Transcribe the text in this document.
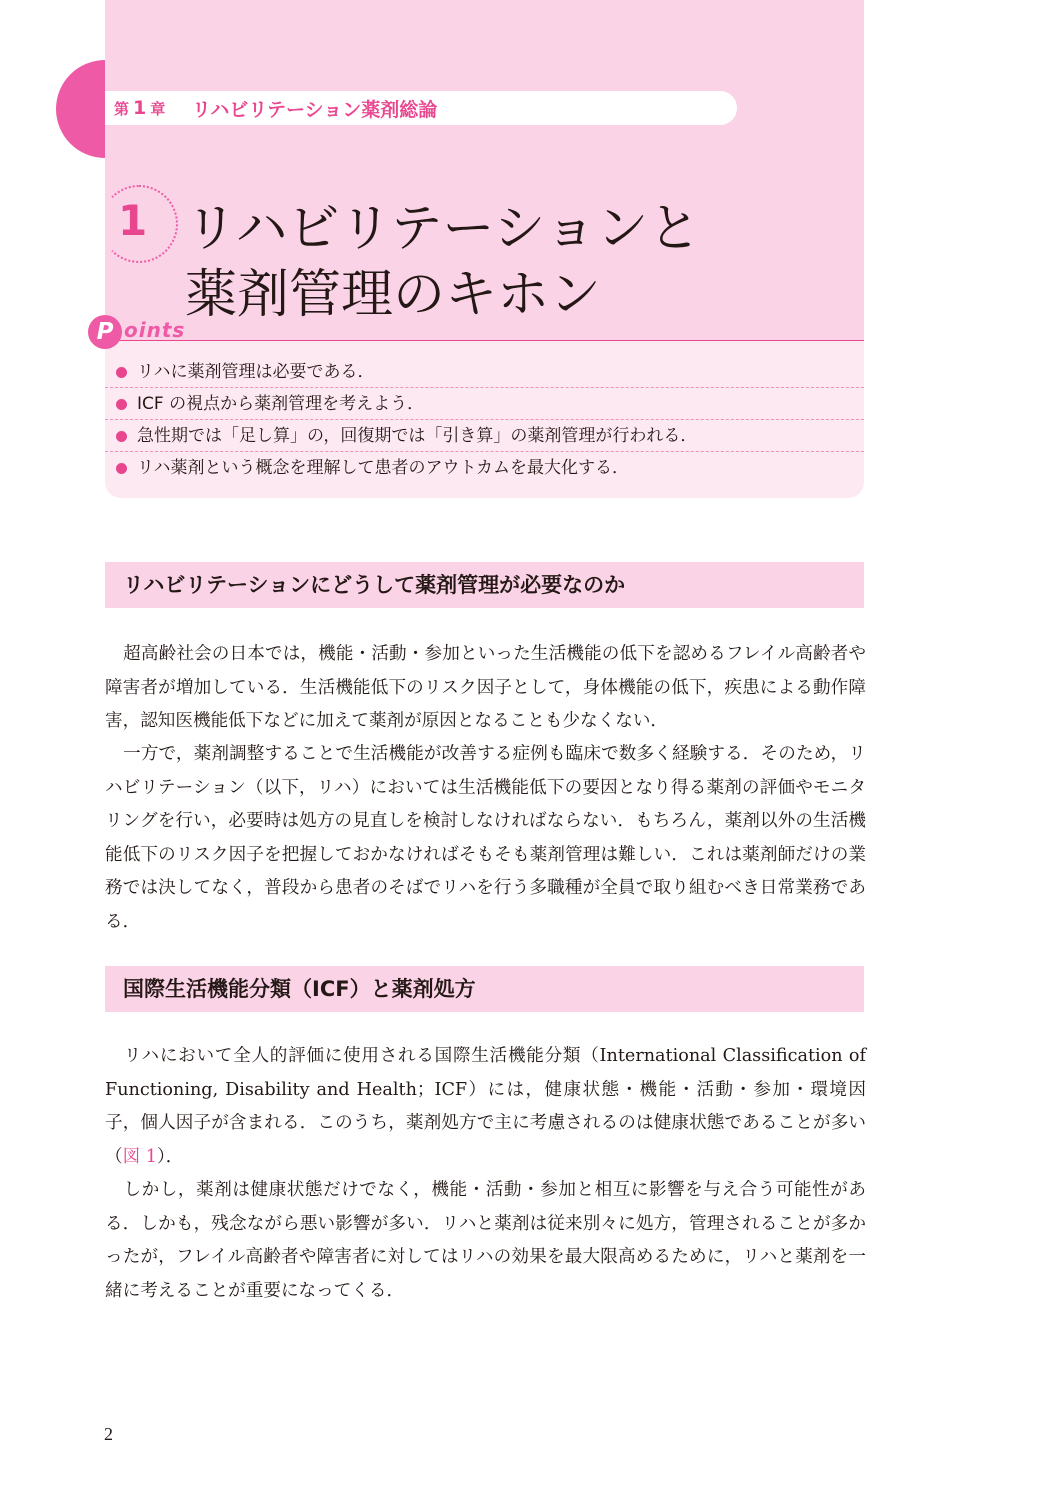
第 1 章 リハビリテーション薬剤総論
1 リハビリテーションと
薬剤管理のキホン
P oints
リハに薬剤管理は必要である．
ICF の視点から薬剤管理を考えよう．
急性期では「足し算」の，回復期では「引き算」の薬剤管理が行われる．
リハ薬剤という概念を理解して患者のアウトカムを最大化する．
リハビリテーションにどうして薬剤管理が必要なのか

超高齢社会の日本では，機能・活動・参加といった生活機能の低下を認めるフレイル高齢者や障害者が増加している．生活機能低下のリスク因子として，身体機能の低下，疾患による動作障害，認知医機能低下などに加えて薬剤が原因となることも少なくない．

一方で，薬剤調整することで生活機能が改善する症例も臨床で数多く経験する．そのため，リハビリテーション（以下，リハ）においては生活機能低下の要因となり得る薬剤の評価やモニタリングを行い，必要時は処方の見直しを検討しなければならない．もちろん，薬剤以外の生活機能低下のリスク因子を把握しておかなければそもそも薬剤管理は難しい．これは薬剤師だけの業務では決してなく，普段から患者のそばでリハを行う多職種が全員で取り組むべき日常業務である．

国際生活機能分類（ICF）と薬剤処方

リハにおいて全人的評価に使用される国際生活機能分類（International Classification of Functioning, Disability and Health；ICF）には，健康状態・機能・活動・参加・環境因子，個人因子が含まれる．このうち，薬剤処方で主に考慮されるのは健康状態であることが多い（図 1）．

しかし，薬剤は健康状態だけでなく，機能・活動・参加と相互に影響を与え合う可能性がある．しかも，残念ながら悪い影響が多い．リハと薬剤は従来別々に処方，管理されることが多かったが，フレイル高齢者や障害者に対してはリハの効果を最大限高めるために，リハと薬剤を一緒に考えることが重要になってくる．

2
